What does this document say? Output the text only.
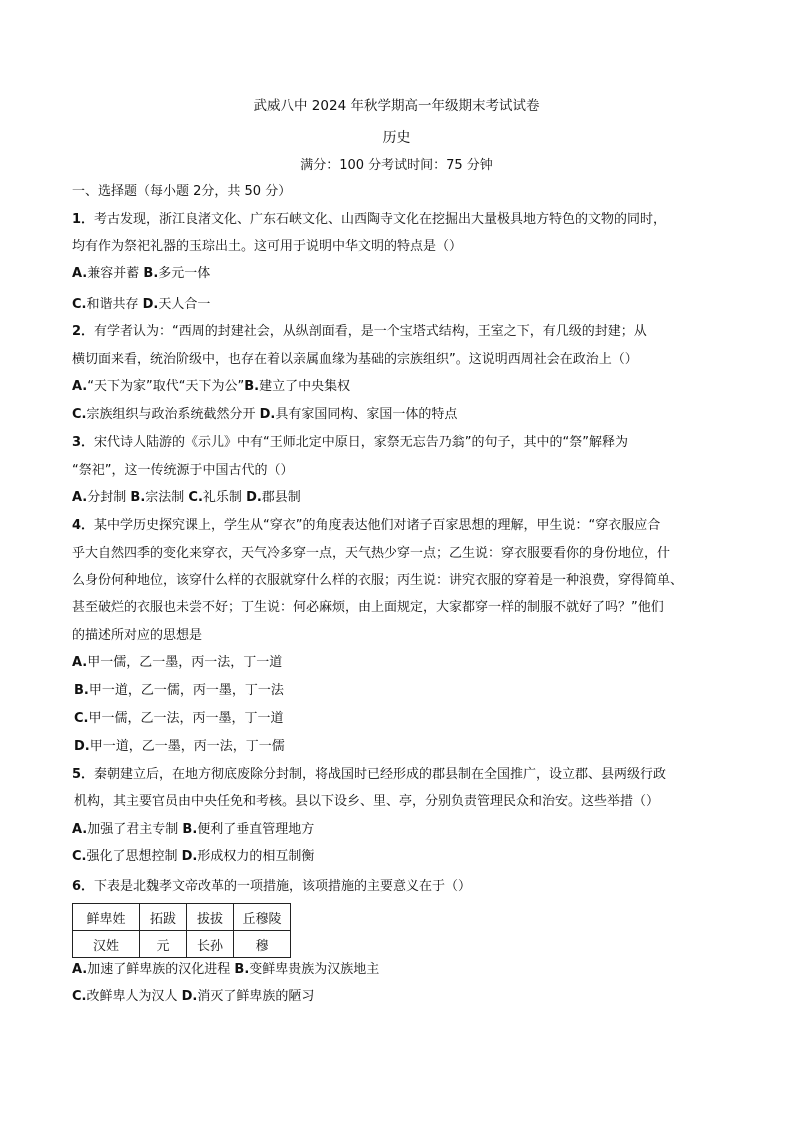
武威八中 2024 年秋学期高一年级期末考试试卷
历史
满分：100 分考试时间：75 分钟
一、选择题（每小题 2分，共 50 分）
1．考古发现，浙江良渚文化、广东石峡文化、山西陶寺文化在挖掘出大量极具地方特色的文物的同时，
均有作为祭祀礼器的玉琮出土。这可用于说明中华文明的特点是（）
A.兼容并蓄 B.多元一体
C.和谐共存 D.天人合一
2．有学者认为：“西周的封建社会，从纵剖面看，是一个宝塔式结构，王室之下，有几级的封建；从
横切面来看，统治阶级中，也存在着以亲属血缘为基础的宗族组织”。这说明西周社会在政治上（）
A.“天下为家”取代“天下为公”B.建立了中央集权
C.宗族组织与政治系统截然分开 D.具有家国同构、家国一体的特点
3．宋代诗人陆游的《示儿》中有“王师北定中原日，家祭无忘告乃翁”的句子，其中的“祭”解释为
“祭祀”，这一传统源于中国古代的（）
A.分封制 B.宗法制 C.礼乐制 D.郡县制
4．某中学历史探究课上，学生从“穿衣”的角度表达他们对诸子百家思想的理解，甲生说：“穿衣服应合
乎大自然四季的变化来穿衣，天气冷多穿一点，天气热少穿一点；乙生说：穿衣服要看你的身份地位，什
么身份何种地位，该穿什么样的衣服就穿什么样的衣服；丙生说：讲究衣服的穿着是一种浪费，穿得简单、
甚至破烂的衣服也未尝不好；丁生说：何必麻烦，由上面规定，大家都穿一样的制服不就好了吗？”他们
的描述所对应的思想是
A.甲一儒，乙一墨，丙一法，丁一道
B.甲一道，乙一儒，丙一墨，丁一法
C.甲一儒，乙一法，丙一墨，丁一道
D.甲一道，乙一墨，丙一法，丁一儒
5．秦朝建立后，在地方彻底废除分封制，将战国时已经形成的郡县制在全国推广，设立郡、县两级行政
机构，其主要官员由中央任免和考核。县以下设乡、里、亭，分别负责管理民众和治安。这些举措（）
A.加强了君主专制 B.便利了垂直管理地方
C.强化了思想控制 D.形成权力的相互制衡
6．下表是北魏孝文帝改革的一项措施，该项措施的主要意义在于（）
鲜卑姓	拓跋	拔拔	丘穆陵
汉姓	元	长孙	穆
A.加速了鲜卑族的汉化进程 B.变鲜卑贵族为汉族地主
C.改鲜卑人为汉人 D.消灭了鲜卑族的陋习
